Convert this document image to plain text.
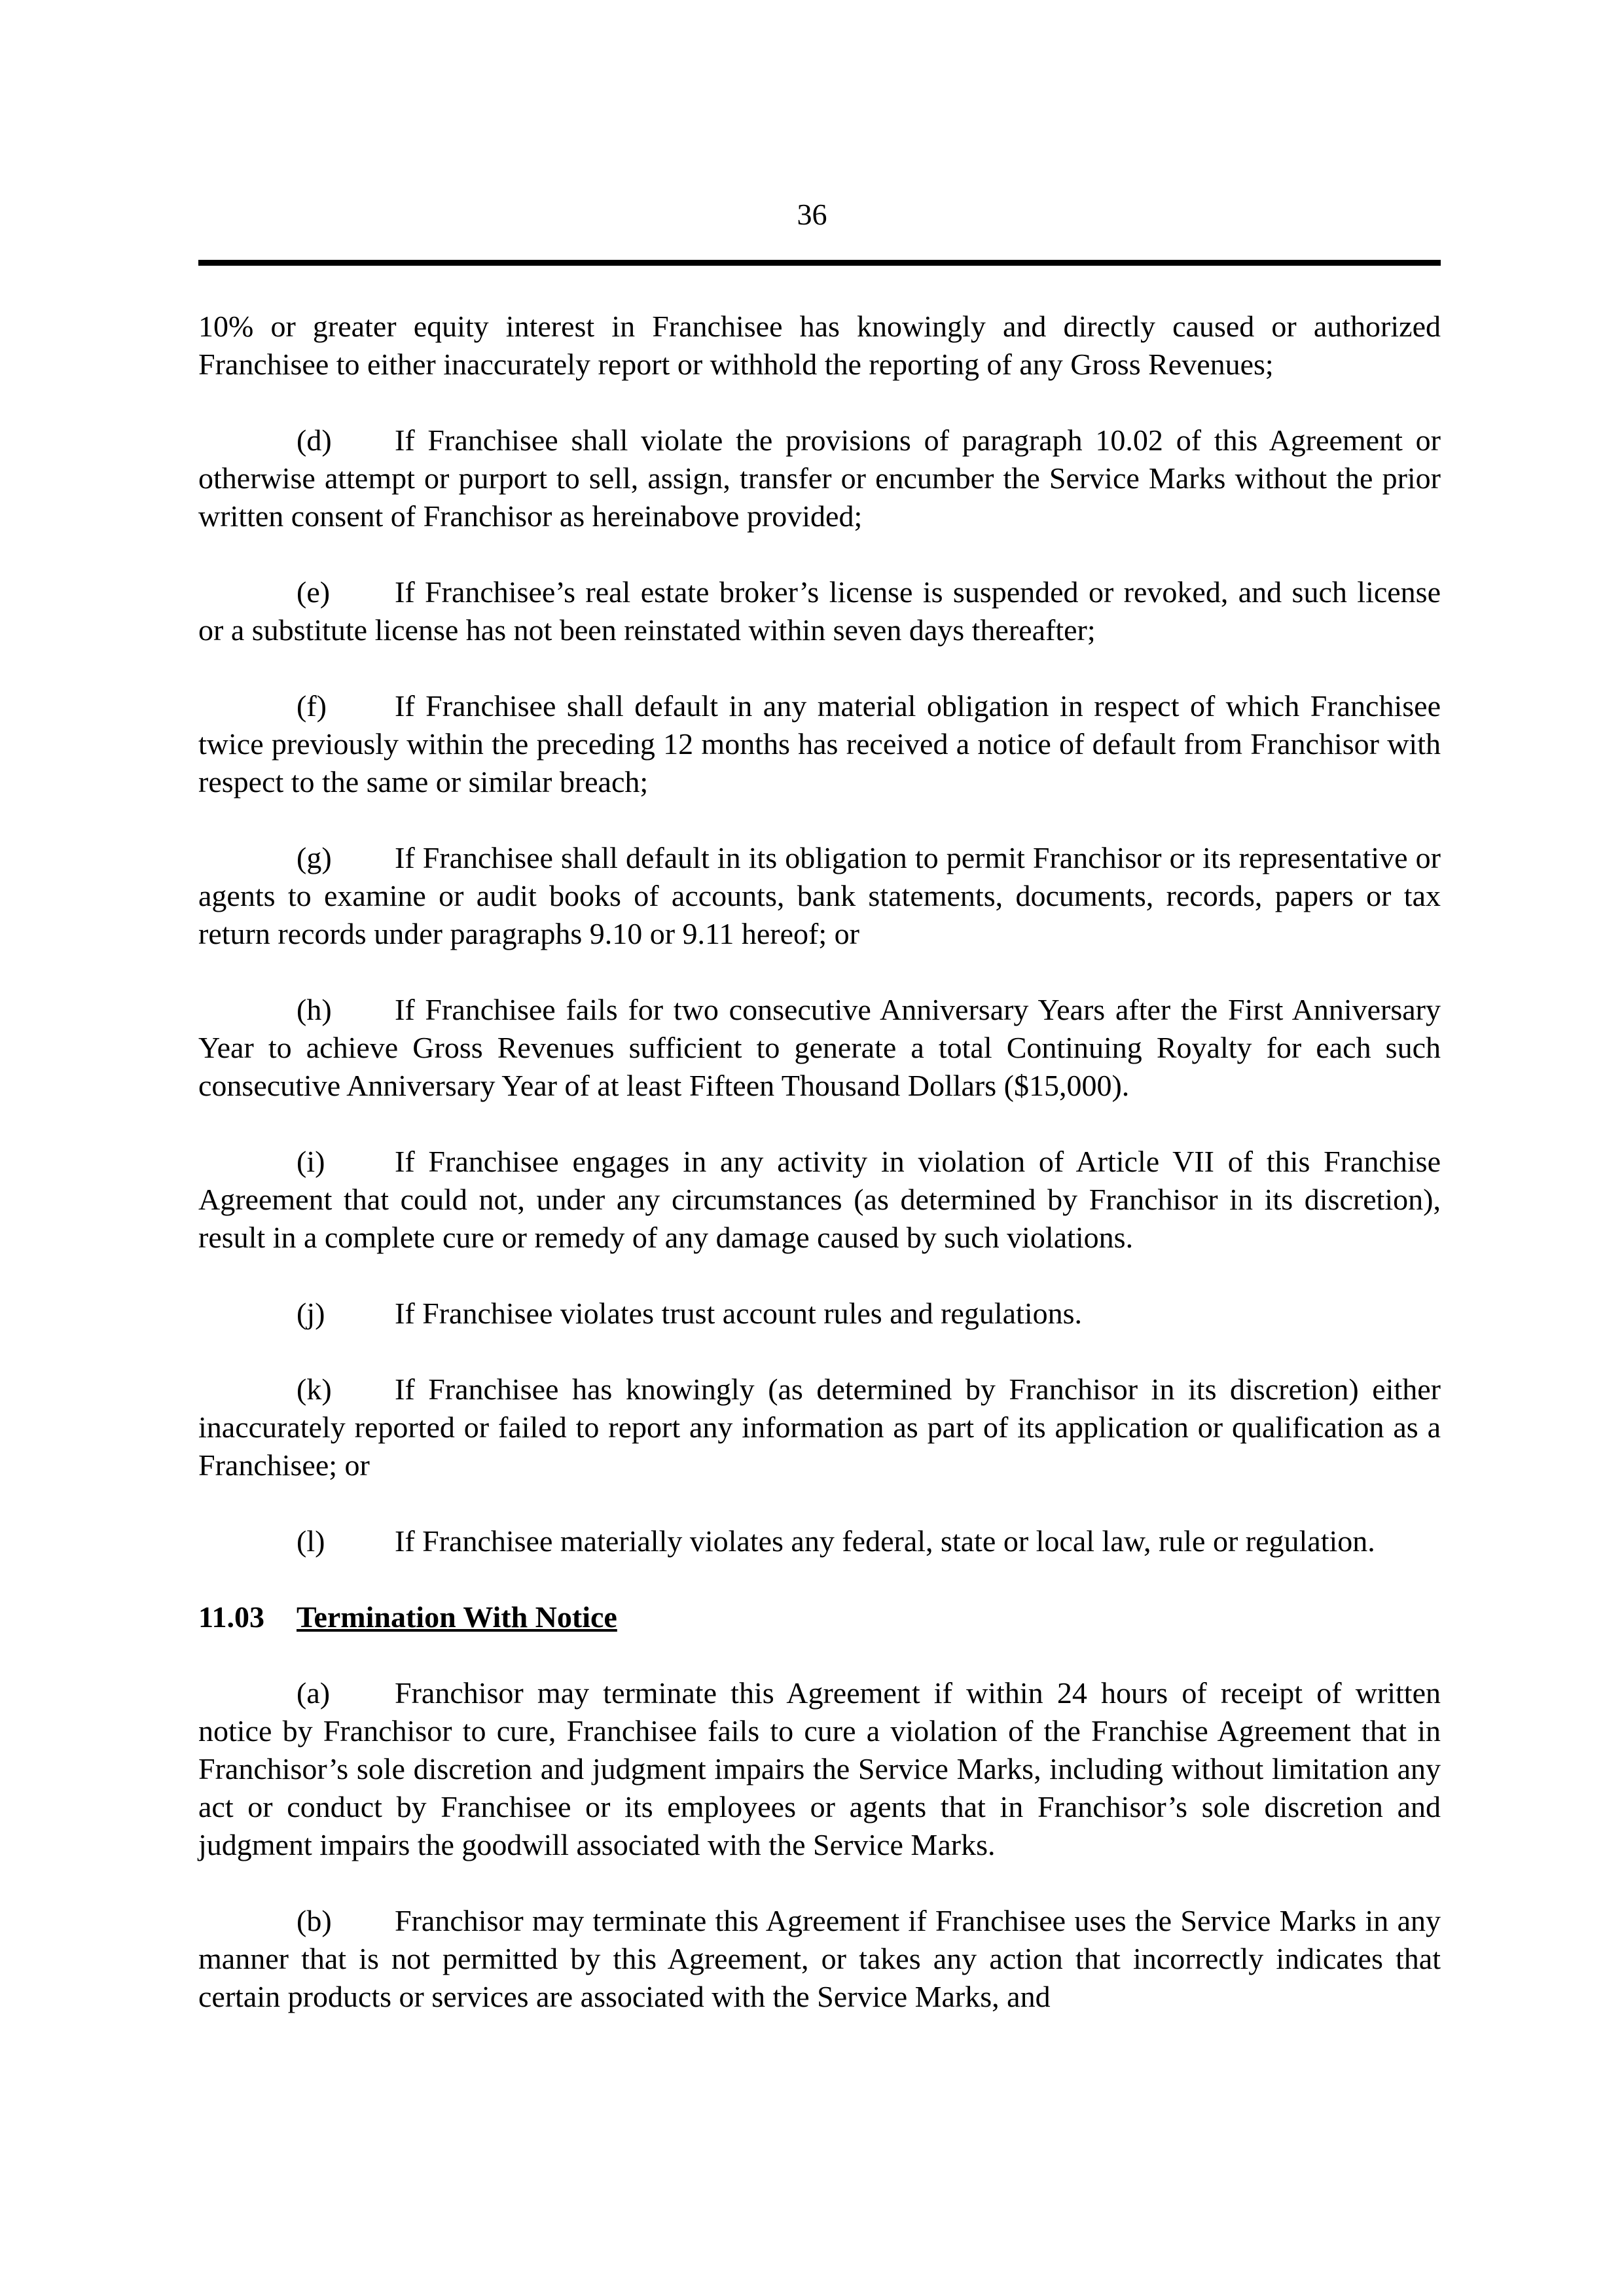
36

10% or greater equity interest in Franchisee has knowingly and directly caused or authorized Franchisee to either inaccurately report or withhold the reporting of any Gross Revenues;

(d) If Franchisee shall violate the provisions of paragraph 10.02 of this Agreement or otherwise attempt or purport to sell, assign, transfer or encumber the Service Marks without the prior written consent of Franchisor as hereinabove provided;

(e) If Franchisee’s real estate broker’s license is suspended or revoked, and such license or a substitute license has not been reinstated within seven days thereafter;

(f) If Franchisee shall default in any material obligation in respect of which Franchisee twice previously within the preceding 12 months has received a notice of default from Franchisor with respect to the same or similar breach;

(g) If Franchisee shall default in its obligation to permit Franchisor or its representative or agents to examine or audit books of accounts, bank statements, documents, records, papers or tax return records under paragraphs 9.10 or 9.11 hereof; or

(h) If Franchisee fails for two consecutive Anniversary Years after the First Anniversary Year to achieve Gross Revenues sufficient to generate a total Continuing Royalty for each such consecutive Anniversary Year of at least Fifteen Thousand Dollars ($15,000).

(i) If Franchisee engages in any activity in violation of Article VII of this Franchise Agreement that could not, under any circumstances (as determined by Franchisor in its discretion), result in a complete cure or remedy of any damage caused by such violations.

(j) If Franchisee violates trust account rules and regulations.

(k) If Franchisee has knowingly (as determined by Franchisor in its discretion) either inaccurately reported or failed to report any information as part of its application or qualification as a Franchisee; or

(l) If Franchisee materially violates any federal, state or local law, rule or regulation.

11.03 Termination With Notice

(a) Franchisor may terminate this Agreement if within 24 hours of receipt of written notice by Franchisor to cure, Franchisee fails to cure a violation of the Franchise Agreement that in Franchisor’s sole discretion and judgment impairs the Service Marks, including without limitation any act or conduct by Franchisee or its employees or agents that in Franchisor’s sole discretion and judgment impairs the goodwill associated with the Service Marks.

(b) Franchisor may terminate this Agreement if Franchisee uses the Service Marks in any manner that is not permitted by this Agreement, or takes any action that incorrectly indicates that certain products or services are associated with the Service Marks, and
